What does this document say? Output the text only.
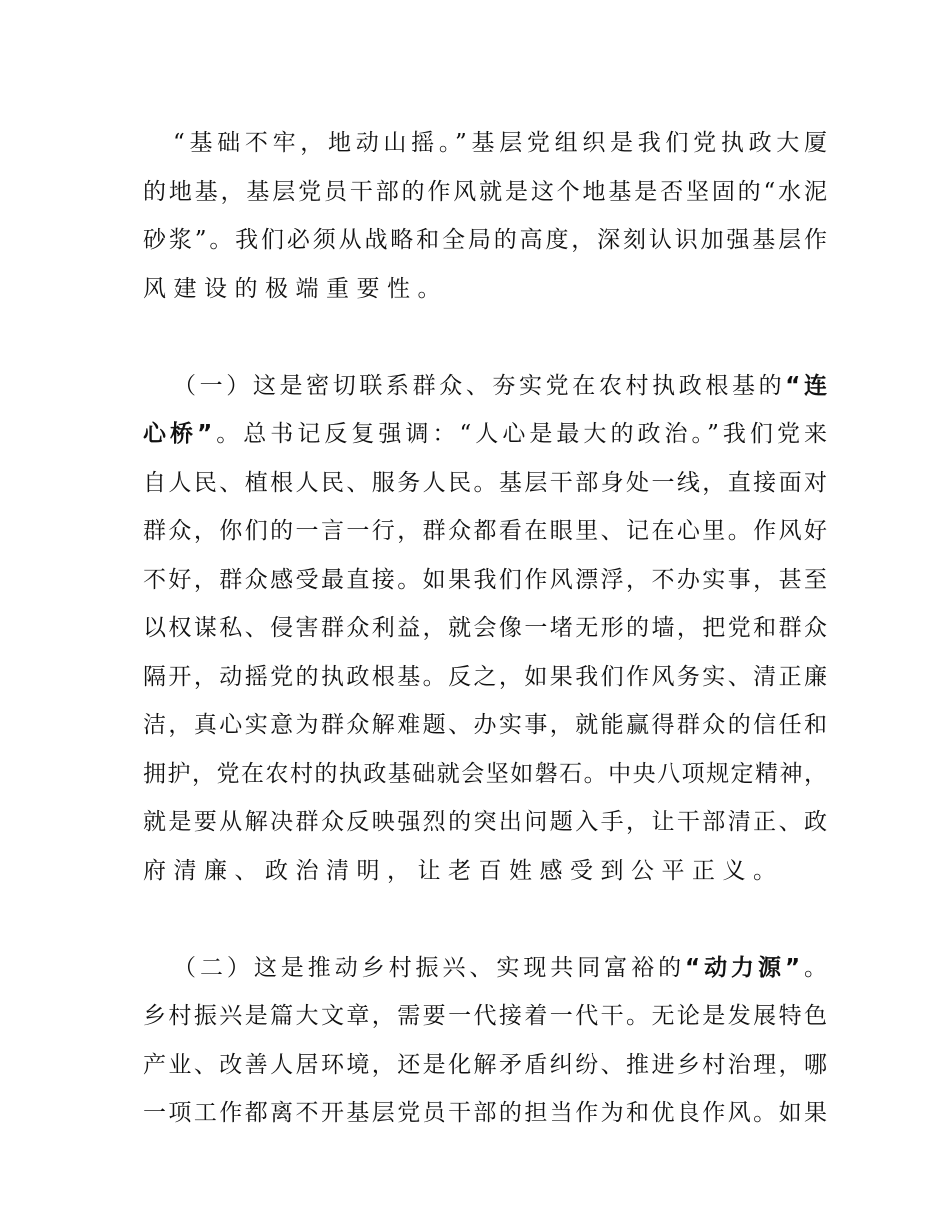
“基础不牢，地动山摇。”基层党组织是我们党执政大厦
的地基，基层党员干部的作风就是这个地基是否坚固的“水泥
砂浆”。我们必须从战略和全局的高度，深刻认识加强基层作
风建设的极端重要性。
（一）这是密切联系群众、夯实党在农村执政根基的“连
心桥”。总书记反复强调：“人心是最大的政治。”我们党来
自人民、植根人民、服务人民。基层干部身处一线，直接面对
群众，你们的一言一行，群众都看在眼里、记在心里。作风好
不好，群众感受最直接。如果我们作风漂浮，不办实事，甚至
以权谋私、侵害群众利益，就会像一堵无形的墙，把党和群众
隔开，动摇党的执政根基。反之，如果我们作风务实、清正廉
洁，真心实意为群众解难题、办实事，就能赢得群众的信任和
拥护，党在农村的执政基础就会坚如磐石。中央八项规定精神，
就是要从解决群众反映强烈的突出问题入手，让干部清正、政
府清廉、政治清明，让老百姓感受到公平正义。
（二）这是推动乡村振兴、实现共同富裕的“动力源”。
乡村振兴是篇大文章，需要一代接着一代干。无论是发展特色
产业、改善人居环境，还是化解矛盾纠纷、推进乡村治理，哪
一项工作都离不开基层党员干部的担当作为和优良作风。如果
